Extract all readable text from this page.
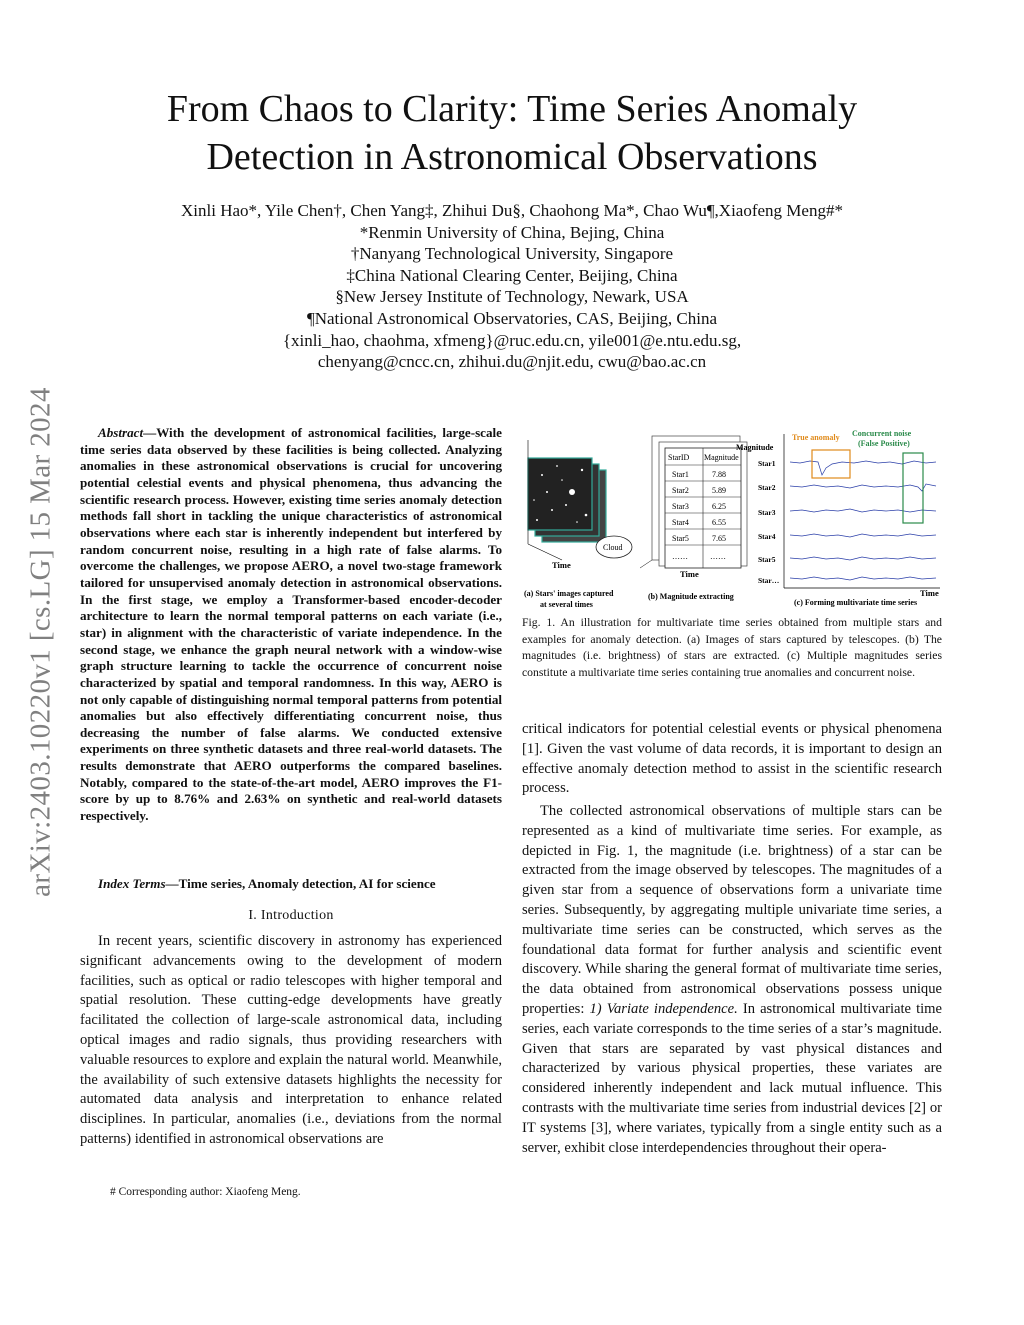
From Chaos to Clarity: Time Series Anomaly
Detection in Astronomical Observations
Xinli Hao*, Yile Chen†, Chen Yang‡, Zhihui Du§, Chaohong Ma*, Chao Wu¶,Xiaofeng Meng#*
*Renmin University of China, Bejing, China
†Nanyang Technological University, Singapore
‡China National Clearing Center, Beijing, China
§New Jersey Institute of Technology, Newark, USA
¶National Astronomical Observatories, CAS, Beijing, China
{xinli_hao, chaohma, xfmeng}@ruc.edu.cn, yile001@e.ntu.edu.sg,
chenyang@cncc.cn, zhihui.du@njit.edu, cwu@bao.ac.cn
arXiv:2403.10220v1 [cs.LG] 15 Mar 2024	Abstract—With the development of astronomical facilities, large-scale time series data observed by these facilities is being collected. Analyzing anomalies in these astronomical observations is crucial for uncovering potential celestial events and physical phenomena, thus advancing the scientific research process. However, existing time series anomaly detection methods fall short in tackling the unique characteristics of astronomical observations where each star is inherently independent but interfered by random concurrent noise, resulting in a high rate of false alarms. To overcome the challenges, we propose AERO, a novel two-stage framework tailored for unsupervised anomaly detection in astronomical observations. In the first stage, we employ a Transformer-based encoder-decoder architecture to learn the normal temporal patterns on each variate (i.e., star) in alignment with the characteristic of variate independence. In the second stage, we enhance the graph neural network with a window-wise graph structure learning to tackle the occurrence of concurrent noise characterized by spatial and temporal randomness. In this way, AERO is not only capable of distinguishing normal temporal patterns from potential anomalies but also effectively differentiating concurrent noise, thus decreasing the number of false alarms. We conducted extensive experiments on three synthetic datasets and three real-world datasets. The results demonstrate that AERO outperforms the compared baselines. Notably, compared to the state-of-the-art model, AERO improves the F1-score by up to 8.76% and 2.63% on synthetic and real-world datasets respectively.
Index Terms—Time series, Anomaly detection, AI for science
I. Introduction
In recent years, scientific discovery in astronomy has experienced significant advancements owing to the development of modern facilities, such as optical or radio telescopes with higher temporal and spatial resolution. These cutting-edge developments have greatly facilitated the collection of large-scale astronomical data, including optical images and radio signals, thus providing researchers with valuable resources to explore and explain the natural world. Meanwhile, the availability of such extensive datasets highlights the necessity for automated data analysis and interpretation to enhance related disciplines. In particular, anomalies (i.e., deviations from the normal patterns) identified in astronomical observations are
# Corresponding author: Xiaofeng Meng.
Time
Cloud
StarID Magnitude
Star1	7.88
Star2	5.89
Star3	6.25
Star4	6.55
Star5	7.65
……	……
Time
Magnitude
Star1
Star2
Star3
Star4
Star5
Star…
True anomaly Concurrent noise
(False Positive)
Time
(a) Stars' images captured
at several times
(b) Magnitude extracting
(c) Forming multivariate time series
Fig. 1. An illustration for multivariate time series obtained from multiple stars and examples for anomaly detection. (a) Images of stars captured by telescopes. (b) The magnitudes (i.e. brightness) of stars are extracted. (c) Multiple magnitudes series constitute a multivariate time series containing true anomalies and concurrent noise.
critical indicators for potential celestial events or physical phenomena [1]. Given the vast volume of data records, it is important to design an effective anomaly detection method to assist in the scientific research process.
The collected astronomical observations of multiple stars can be represented as a kind of multivariate time series. For example, as depicted in Fig. 1, the magnitude (i.e. brightness) of a star can be extracted from the image observed by telescopes. The magnitudes of a given star from a sequence of observations form a univariate time series. Subsequently, by aggregating multiple univariate time series, a multivariate time series can be constructed, which serves as the foundational data format for further analysis and scientific event discovery. While sharing the general format of multivariate time series, the data obtained from astronomical observations possess unique properties: 1) Variate independence. In astronomical multivariate time series, each variate corresponds to the time series of a star’s magnitude. Given that stars are separated by vast physical distances and characterized by various physical properties, these variates are considered inherently independent and lack mutual influence. This contrasts with the multivariate time series from industrial devices [2] or IT systems [3], where variates, typically from a single entity such as a server, exhibit close interdependencies throughout their opera-
